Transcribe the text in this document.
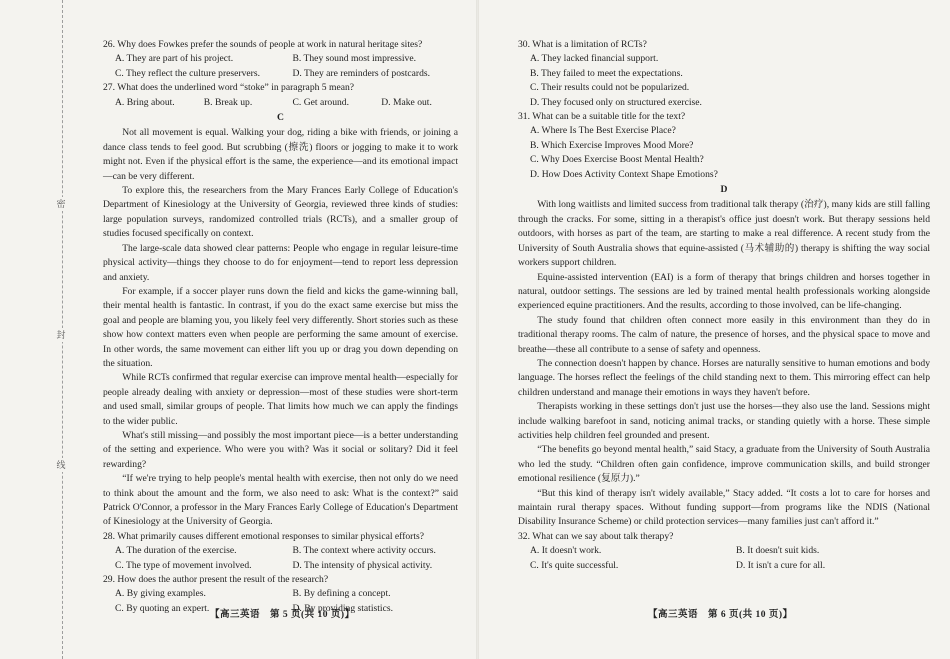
密
封
线

26. Why does Fowkes prefer the sounds of people at work in natural heritage sites?

A. They are part of his project.	B. They sound most impressive.
C. They reflect the culture preservers.	D. They are reminders of postcards.

27. What does the underlined word “stoke” in paragraph 5 mean?

A. Bring about.	B. Break up.	C. Get around.	D. Make out.
C

Not all movement is equal. Walking your dog, riding a bike with friends, or joining a dance class tends to feel good. But scrubbing (擦洗) floors or jogging to make it to work might not. Even if the physical effort is the same, the experience—and its emotional impact—can be very different.

To explore this, the researchers from the Mary Frances Early College of Education's Department of Kinesiology at the University of Georgia, reviewed three kinds of studies: large population surveys, randomized controlled trials (RCTs), and a smaller group of studies focused specifically on context.

The large-scale data showed clear patterns: People who engage in regular leisure-time physical activity—things they choose to do for enjoyment—tend to report less depression and anxiety.

For example, if a soccer player runs down the field and kicks the game-winning ball, their mental health is fantastic. In contrast, if you do the exact same exercise but miss the goal and people are blaming you, you likely feel very differently. Short stories such as these show how context matters even when people are performing the same amount of exercise. In other words, the same movement can either lift you up or drag you down depending on the situation.

While RCTs confirmed that regular exercise can improve mental health—especially for people already dealing with anxiety or depression—most of these studies were short-term and used small, similar groups of people. That limits how much we can apply the findings to the wider public.

What's still missing—and possibly the most important piece—is a better understanding of the setting and experience. Who were you with? Was it social or solitary? Did it feel rewarding?

“If we're trying to help people's mental health with exercise, then not only do we need to think about the amount and the form, we also need to ask: What is the context?” said Patrick O'Connor, a professor in the Mary Frances Early College of Education's Department of Kinesiology at the University of Georgia.

28. What primarily causes different emotional responses to similar physical efforts?

A. The duration of the exercise.	B. The context where activity occurs.
C. The type of movement involved.	D. The intensity of physical activity.

29. How does the author present the result of the research?

A. By giving examples.	B. By defining a concept.
C. By quoting an expert.	D. By providing statistics.
【高三英语　第 5 页(共 10 页)】

30. What is a limitation of RCTs?

A. They lacked financial support.
B. They failed to meet the expectations.
C. Their results could not be popularized.
D. They focused only on structured exercise.

31. What can be a suitable title for the text?

A. Where Is The Best Exercise Place?
B. Which Exercise Improves Mood More?
C. Why Does Exercise Boost Mental Health?
D. How Does Activity Context Shape Emotions?
D

With long waitlists and limited success from traditional talk therapy (治疗), many kids are still falling through the cracks. For some, sitting in a therapist's office just doesn't work. But therapy sessions held outdoors, with horses as part of the team, are starting to make a real difference. A recent study from the University of South Australia shows that equine-assisted (马术辅助的) therapy is shifting the way social workers support children.

Equine-assisted intervention (EAI) is a form of therapy that brings children and horses together in natural, outdoor settings. The sessions are led by trained mental health professionals working alongside experienced equine practitioners. And the results, according to those involved, can be life-changing.

The study found that children often connect more easily in this environment than they do in traditional therapy rooms. The calm of nature, the presence of horses, and the physical space to move and breathe—these all contribute to a sense of safety and openness.

The connection doesn't happen by chance. Horses are naturally sensitive to human emotions and body language. The horses reflect the feelings of the child standing next to them. This mirroring effect can help children understand and manage their emotions in ways they haven't before.

Therapists working in these settings don't just use the horses—they also use the land. Sessions might include walking barefoot in sand, noticing animal tracks, or standing quietly with a horse. These simple activities help children feel grounded and present.

“The benefits go beyond mental health,” said Stacy, a graduate from the University of South Australia who led the study. “Children often gain confidence, improve communication skills, and build stronger emotional resilience (复原力).”

“But this kind of therapy isn't widely available,” Stacy added. “It costs a lot to care for horses and maintain rural therapy spaces. Without funding support—from programs like the NDIS (National Disability Insurance Scheme) or child protection services—many families just can't afford it.”

32. What can we say about talk therapy?

A. It doesn't work.	B. It doesn't suit kids.
C. It's quite successful.	D. It isn't a cure for all.
【高三英语　第 6 页(共 10 页)】
